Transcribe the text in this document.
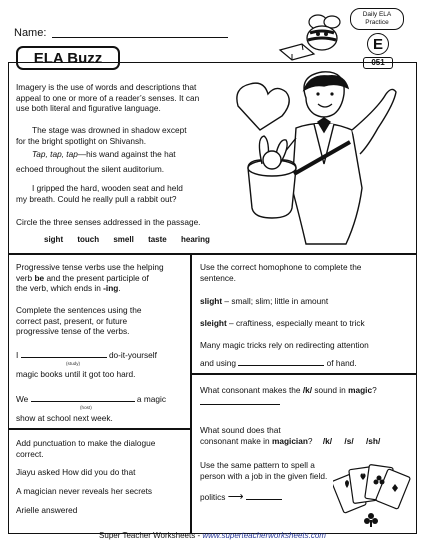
Name:
ELA Buzz
Daily ELA Practice
E
051
Imagery is the use of words and descriptions that
appeal to one or more of a reader’s senses. It can
use both literal and figurative language.
The stage was drowned in shadow except
for the bright spotlight on Shivansh.
Tap, tap, tap—his wand against the hat
echoed throughout the silent auditorium.
I gripped the hard, wooden seat and held
my breath. Could he really pull a rabbit out?
Circle the three senses addressed in the passage.
sight touch smell taste hearing
Progressive tense verbs use the helping
verb be and the present participle of
the verb, which ends in -ing.
Complete the sentences using the
correct past, present, or future
progressive tense of the verbs.
I	do-it-yourself
(study)
magic books until it got too hard.
We	a magic
(host)
show at school next week.
Use the correct homophone to complete the
sentence.
slight – small; slim; little in amount
sleight – craftiness, especially meant to trick
Many magic tricks rely on redirecting attention
and using	of hand.
Add punctuation to make the dialogue
correct.
Jiayu asked How did you do that
A magician never reveals her secrets
Arielle answered
What consonant makes the /k/ sound in magic?
What sound does that
consonant make in magician? /k/ /s/ /sh/
Use the same pattern to spell a
person with a job in the given field.
politics ⟶
Super Teacher Worksheets - www.superteacherworksheets.com
